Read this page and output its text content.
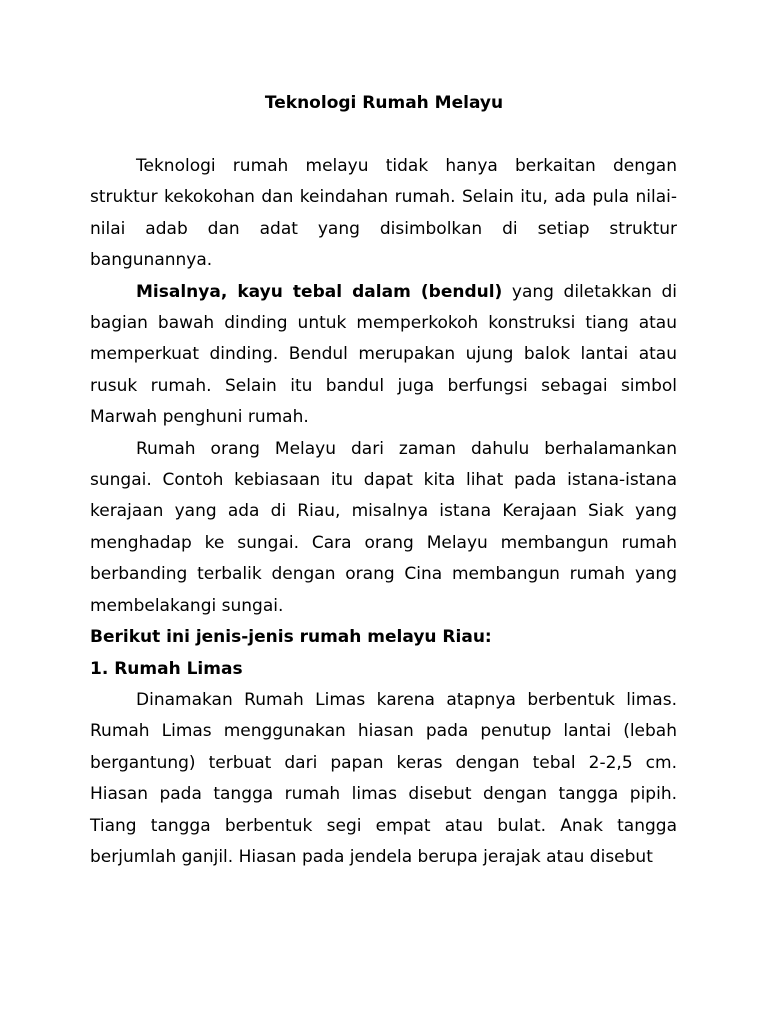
Teknologi Rumah Melayu

Teknologi rumah melayu tidak hanya berkaitan dengan struktur kekokohan dan keindahan rumah. Selain itu, ada pula nilai-nilai adab dan adat yang disimbolkan di setiap struktur bangunannya.

Misalnya, kayu tebal dalam (bendul) yang diletakkan di bagian bawah dinding untuk memperkokoh konstruksi tiang atau memperkuat dinding. Bendul merupakan ujung balok lantai atau rusuk rumah. Selain itu bandul juga berfungsi sebagai simbol Marwah penghuni rumah.

Rumah orang Melayu dari zaman dahulu berhalamankan sungai. Contoh kebiasaan itu dapat kita lihat pada istana-istana kerajaan yang ada di Riau, misalnya istana Kerajaan Siak yang menghadap ke sungai. Cara orang Melayu membangun rumah berbanding terbalik dengan orang Cina membangun rumah yang membelakangi sungai.

Berikut ini jenis-jenis rumah melayu Riau:

1. Rumah Limas

Dinamakan Rumah Limas karena atapnya berbentuk limas. Rumah Limas menggunakan hiasan pada penutup lantai (lebah bergantung) terbuat dari papan keras dengan tebal 2-2,5 cm. Hiasan pada tangga rumah limas disebut dengan tangga pipih. Tiang tangga berbentuk segi empat atau bulat. Anak tangga berjumlah ganjil. Hiasan pada jendela berupa jerajak atau disebut
